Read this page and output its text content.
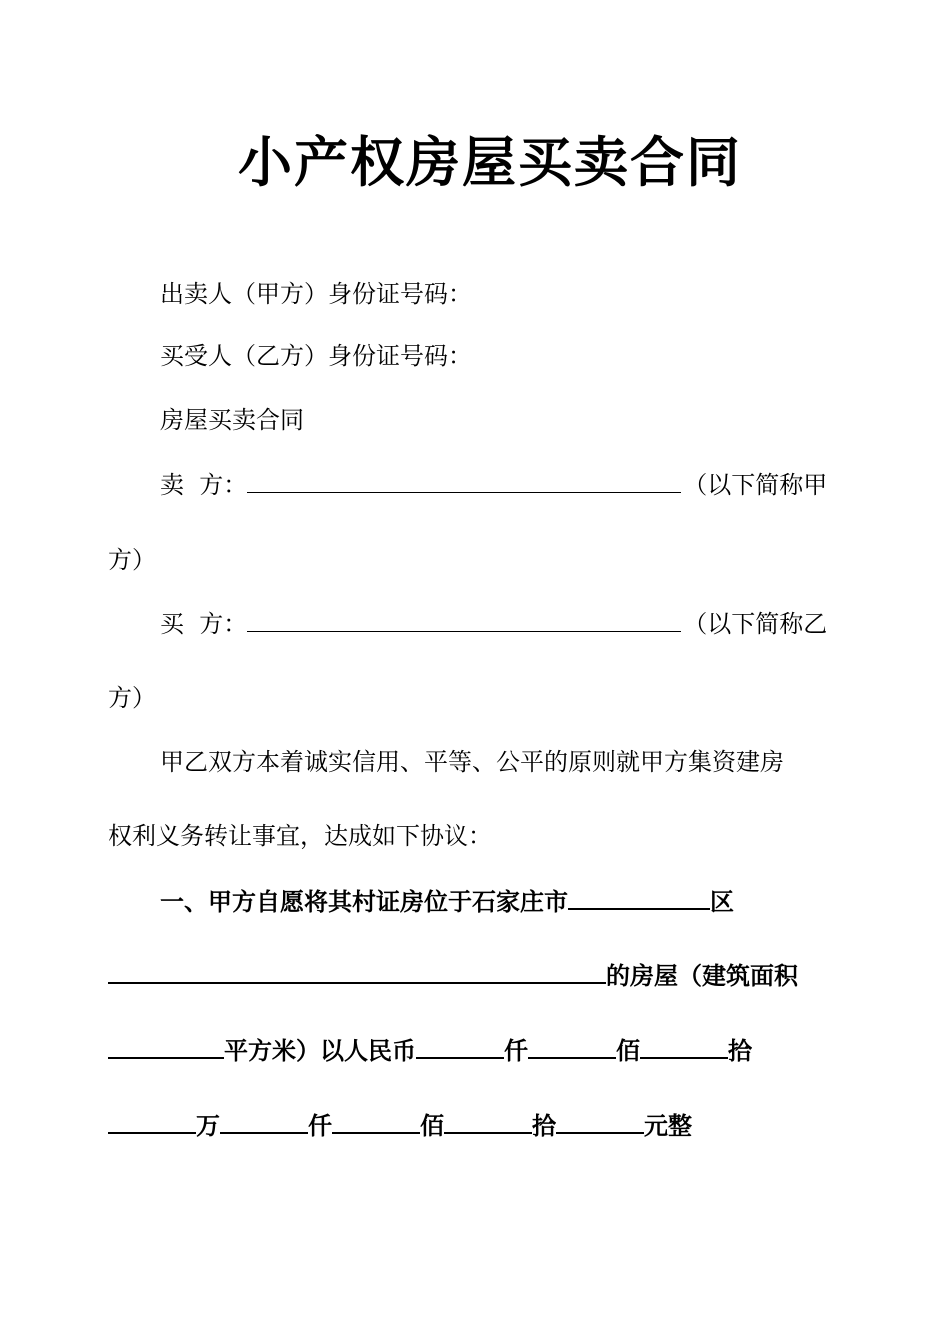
小产权房屋买卖合同

出卖人（甲方）身份证号码：

买受人（乙方）身份证号码：

房屋买卖合同

卖  方：	（以下简称甲

方）

买  方：	（以下简称乙

方）

甲乙双方本着诚实信用、平等、公平的原则就甲方集资建房

权利义务转让事宜，达成如下协议：

一、甲方自愿将其村证房位于石家庄市	区

的房屋（建筑面积

平方米）以人民币	仟	佰	拾

万	仟	佰	拾	元整
